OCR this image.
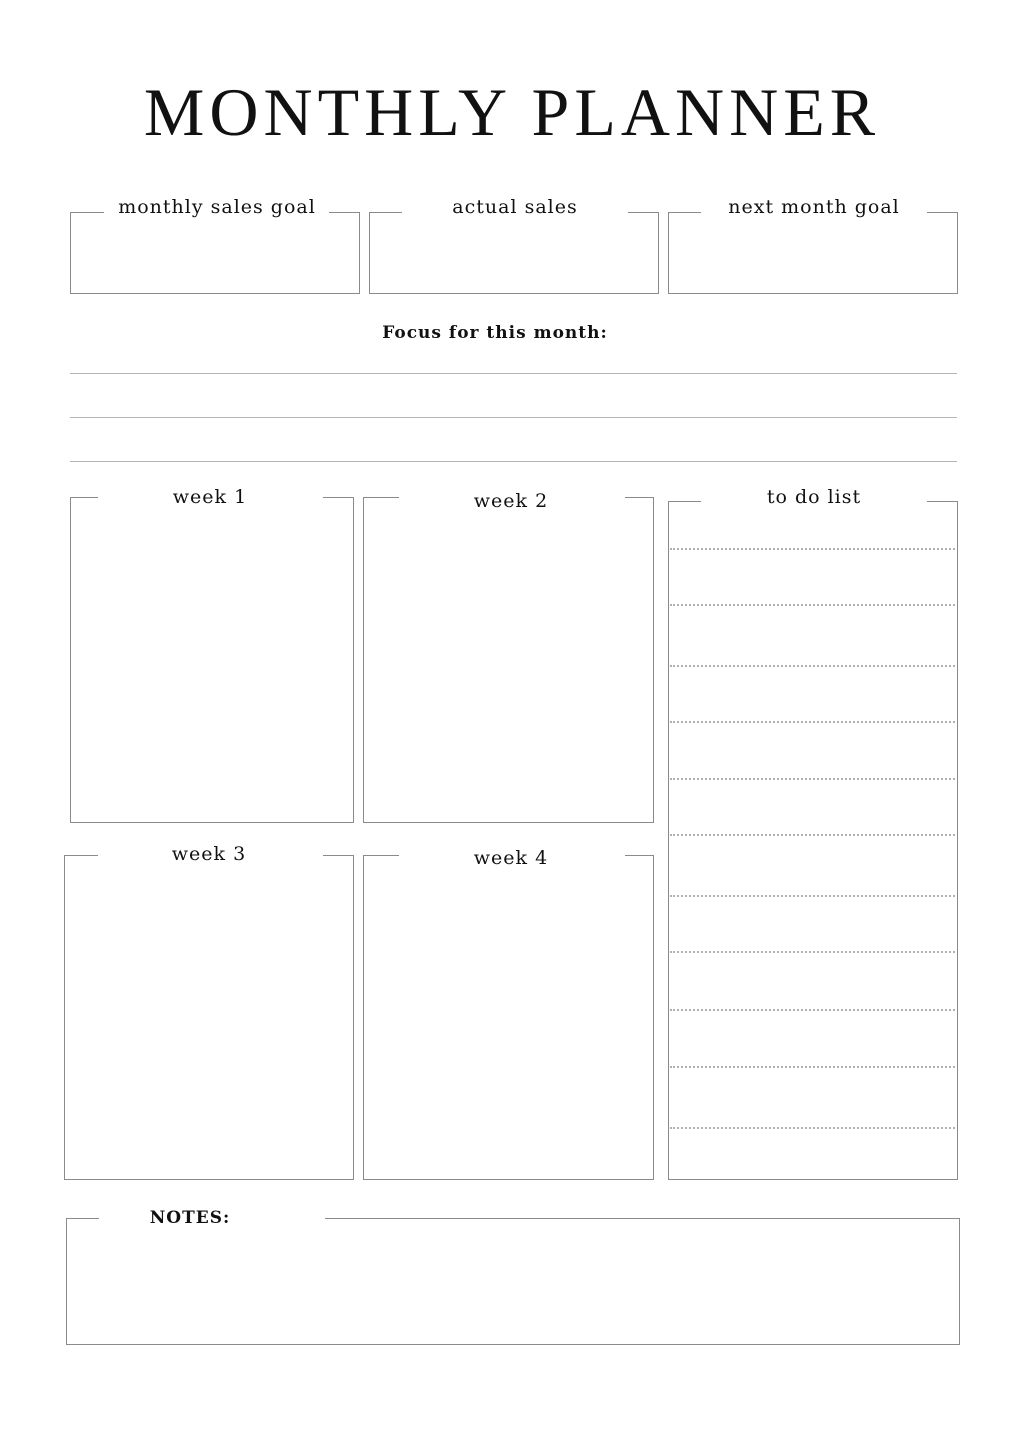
MONTHLY PLANNER
monthly sales goal	actual sales	next month goal
Focus for this month:
week 1	week 2
week 3	week 4
to do list
NOTES:
